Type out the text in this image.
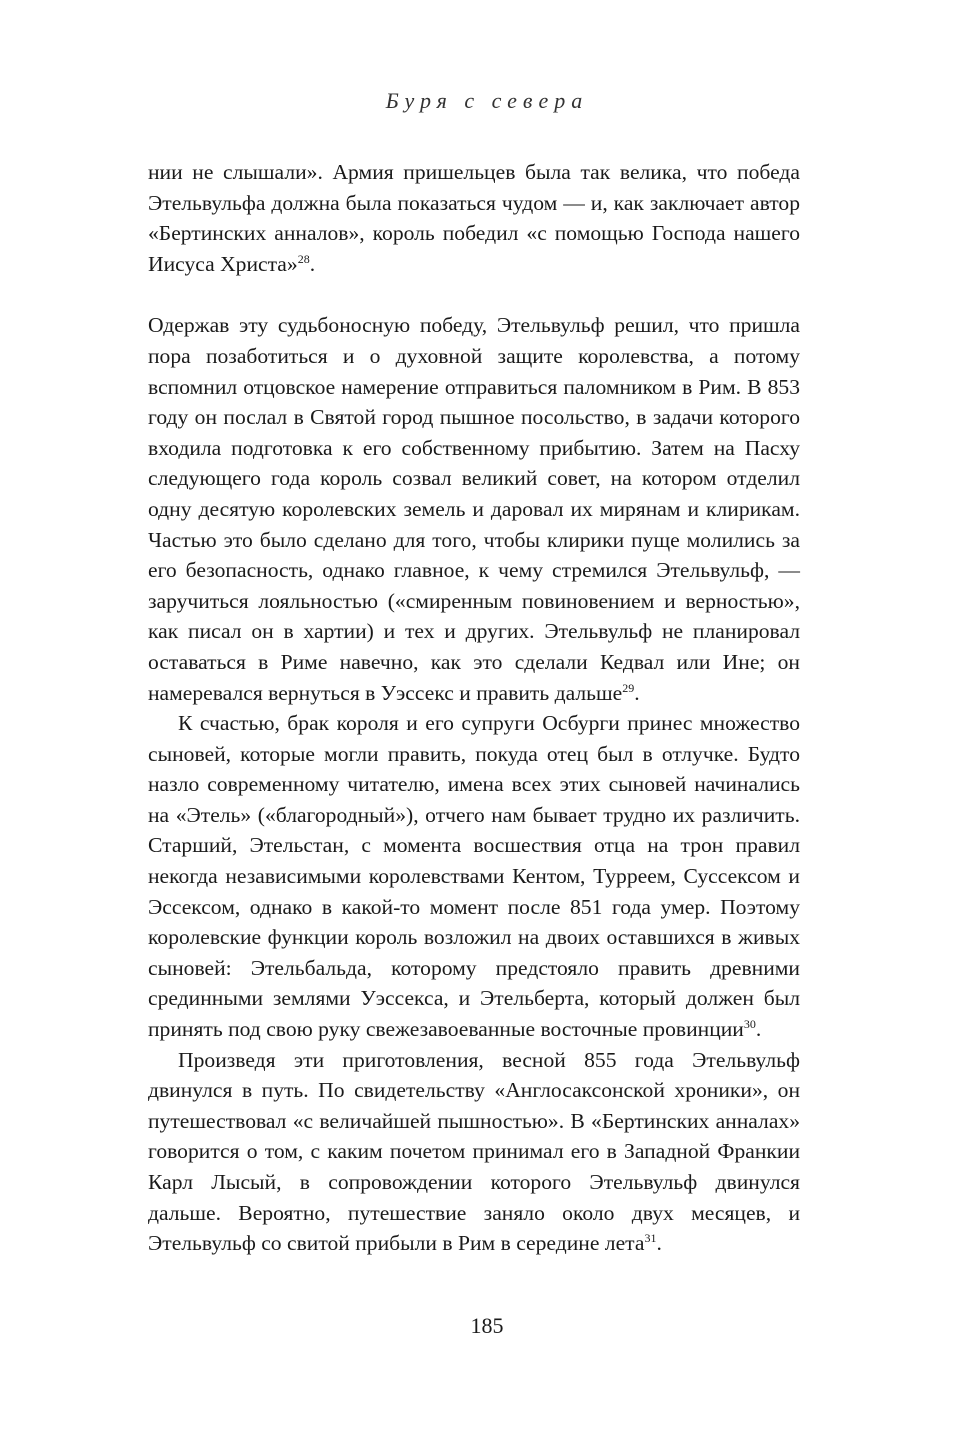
Буря с севера

нии не слышали». Армия пришельцев была так велика, что победа Этельвульфа должна была показаться чудом — и, как заключает автор «Бертинских анналов», король победил «с помощью Господа нашего Иисуса Христа»$^{28}$.

Одержав эту судьбоносную победу, Этельвульф решил, что пришла пора позаботиться и о духовной защите королевства, а потому вспомнил отцовское намерение отправиться паломником в Рим. В 853 году он послал в Святой город пышное посольство, в задачи которого входила подготовка к его собственному прибытию. Затем на Пасху следующего года король созвал великий совет, на котором отделил одну десятую королевских земель и даровал их мирянам и клирикам. Частью это было сделано для того, чтобы клирики пуще молились за его безопасность, однако главное, к чему стремился Этельвульф, — заручиться лояльностью («смиренным повиновением и верностью», как писал он в хартии) и тех и других. Этельвульф не планировал оставаться в Риме навечно, как это сделали Кедвал или Ине; он намеревался вернуться в Уэссекс и править дальше$^{29}$.

К счастью, брак короля и его супруги Осбурги принес множество сыновей, которые могли править, покуда отец был в отлучке. Будто назло современному читателю, имена всех этих сыновей начинались на «Этель» («благородный»), отчего нам бывает трудно их различить. Старший, Этельстан, с момента восшествия отца на трон правил некогда независимыми королевствами Кентом, Турреем, Суссексом и Эссексом, однако в какой-то момент после 851 года умер. Поэтому королевские функции король возложил на двоих оставшихся в живых сыновей: Этельбальда, которому предстояло править древними срединными землями Уэссекса, и Этельберта, который должен был принять под свою руку свежезавоеванные восточные провинции$^{30}$.

Произведя эти приготовления, весной 855 года Этельвульф двинулся в путь. По свидетельству «Англосаксонской хроники», он путешествовал «с величайшей пышностью». В «Бертинских анналах» говорится о том, с каким почетом принимал его в Западной Франкии Карл Лысый, в сопровождении которого Этельвульф двинулся дальше. Вероятно, путешествие заняло около двух месяцев, и Этельвульф со свитой прибыли в Рим в середине лета$^{31}$.

185
